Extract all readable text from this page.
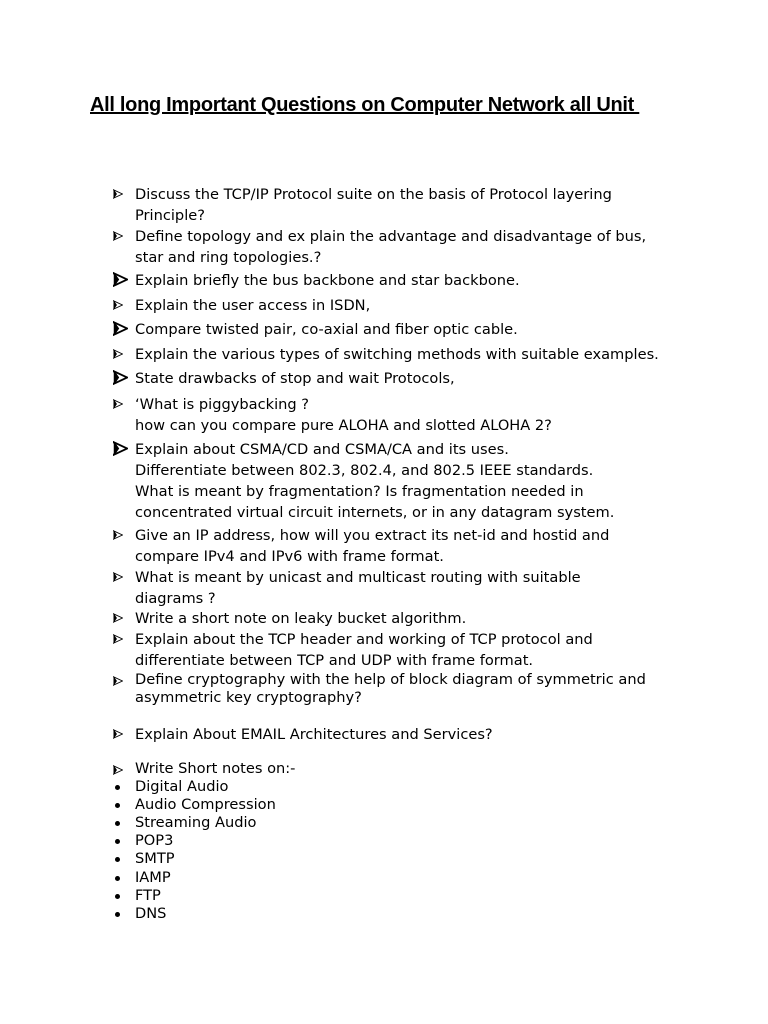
All long Important Questions on Computer Network all Unit
Discuss the TCP/IP Protocol suite on the basis of Protocol layering
Principle?
Define topology and ex plain the advantage and disadvantage of bus,
star and ring topologies.?
Explain briefly the bus backbone and star backbone.
Explain the user access in ISDN,
Compare twisted pair, co-axial and fiber optic cable.
Explain the various types of switching methods with suitable examples.
State drawbacks of stop and wait Protocols,
‘What is piggybacking ?
how can you compare pure ALOHA and slotted ALOHA 2?
Explain about CSMA/CD and CSMA/CA and its uses.
Differentiate between 802.3, 802.4, and 802.5 IEEE standards.
What is meant by fragmentation? Is fragmentation needed in
concentrated virtual circuit internets, or in any datagram system.
Give an IP address, how will you extract its net-id and hostid and
compare IPv4 and IPv6 with frame format.
What is meant by unicast and multicast routing with suitable
diagrams ?
Write a short note on leaky bucket algorithm.
Explain about the TCP header and working of TCP protocol and
differentiate between TCP and UDP with frame format.
Define cryptography with the help of block diagram of symmetric and
asymmetric key cryptography?
Explain About EMAIL Architectures and Services?
Write Short notes on:-
Digital Audio
Audio Compression
Streaming Audio
POP3
SMTP
IAMP
FTP
DNS
